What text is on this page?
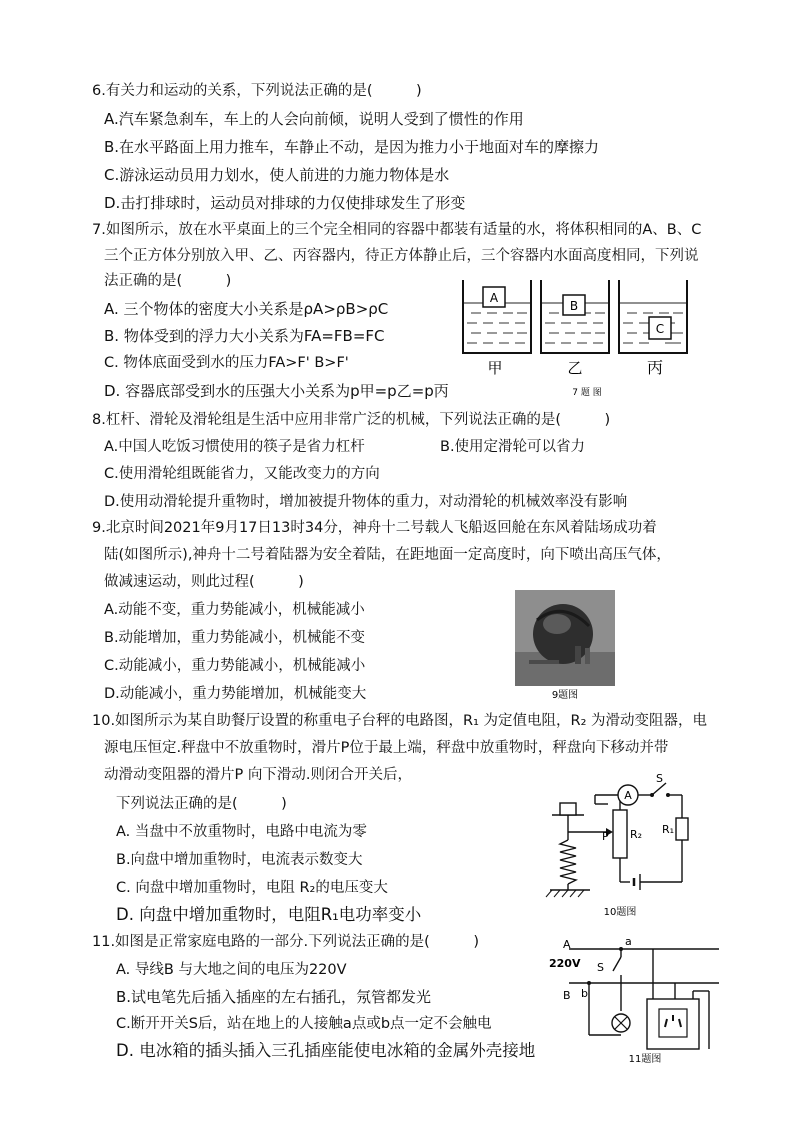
6.有关力和运动的关系，下列说法正确的是(　　　)
A.汽车紧急刹车，车上的人会向前倾，说明人受到了惯性的作用
B.在水平路面上用力推车，车静止不动，是因为推力小于地面对车的摩擦力
C.游泳运动员用力划水，使人前进的力施力物体是水
D.击打排球时，运动员对排球的力仅使排球发生了形变
7.如图所示，放在水平桌面上的三个完全相同的容器中都装有适量的水，将体积相同的A、B、C
三个正方体分别放入甲、乙、丙容器内，待正方体静止后，三个容器内水面高度相同，下列说
法正确的是(　　　)
A. 三个物体的密度大小关系是ρA>ρB>ρC
B. 物体受到的浮力大小关系为FA=FB=FC
C. 物体底面受到水的压力FA>F' B>F'
D. 容器底部受到水的压强大小关系为p甲=p乙=p丙
A
B
C
甲	乙	丙
7 题 图
8.杠杆、滑轮及滑轮组是生活中应用非常广泛的机械，下列说法正确的是(　　　)
A.中国人吃饭习惯使用的筷子是省力杠杆	B.使用定滑轮可以省力
C.使用滑轮组既能省力，又能改变力的方向
D.使用动滑轮提升重物时，增加被提升物体的重力，对动滑轮的机械效率没有影响
9.北京时间2021年9月17日13时34分，神舟十二号载人飞船返回舱在东风着陆场成功着
陆(如图所示),神舟十二号着陆器为安全着陆，在距地面一定高度时，向下喷出高压气体，
做减速运动，则此过程(　　　)
A.动能不变，重力势能减小，机械能减小
B.动能增加，重力势能减小，机械能不变
C.动能减小，重力势能减小，机械能减小
D.动能减小，重力势能增加，机械能变大	9题图
10.如图所示为某自助餐厅设置的称重电子台秤的电路图，R₁ 为定值电阻，R₂ 为滑动变阻器，电
源电压恒定.秤盘中不放重物时，滑片P位于最上端，秤盘中放重物时，秤盘向下移动并带
动滑动变阻器的滑片P 向下滑动.则闭合开关后，
下列说法正确的是(　　　)
A. 当盘中不放重物时，电路中电流为零
B.向盘中增加重物时，电流表示数变大
C. 向盘中增加重物时，电阻 R₂的电压变大
D. 向盘中增加重物时，电阻R₁电功率变小
A
S
P R₂ R₁
10题图
11.如图是正常家庭电路的一部分.下列说法正确的是(　　　)
A. 导线B 与大地之间的电压为220V
B.试电笔先后插入插座的左右插孔，氖管都发光
C.断开开关S后，站在地上的人接触a点或b点一定不会触电
D. 电冰箱的插头插入三孔插座能使电冰箱的金属外壳接地
A
220V
B
a
S
b
11题图
